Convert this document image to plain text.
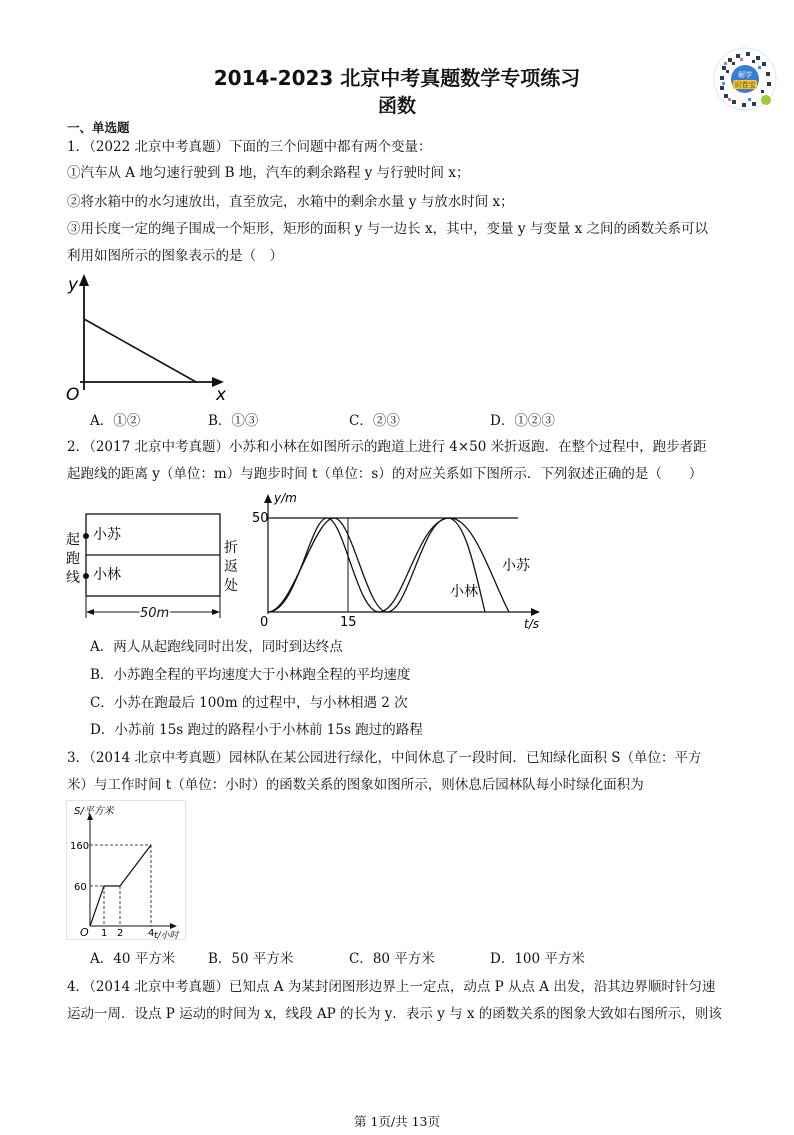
2014-2023 北京中考真题数学专项练习
函数
解学
识卷宝
一、单选题
1．（2022 北京中考真题）下面的三个问题中都有两个变量：
①汽车从 A 地匀速行驶到 B 地，汽车的剩余路程 y 与行驶时间 x；
②将水箱中的水匀速放出，直至放完，水箱中的剩余水量 y 与放水时间 x；
③用长度一定的绳子围成一个矩形，矩形的面积 y 与一边长 x，其中，变量 y 与变量 x 之间的函数关系可以
利用如图所示的图象表示的是（　）
y
x
O
A．①②	B．①③	C．②③	D．①②③
2．（2017 北京中考真题）小苏和小林在如图所示的跑道上进行 4×50 米折返跑．在整个过程中，跑步者距
起跑线的距离 y（单位：m）与跑步时间 t（单位：s）的对应关系如下图所示．下列叙述正确的是（　　）
小苏
小林
起
跑
线
折
返
处
50m
y/m
50
0	15	t/s
小苏
小林
A．两人从起跑线同时出发，同时到达终点
B．小苏跑全程的平均速度大于小林跑全程的平均速度
C．小苏在跑最后 100m 的过程中，与小林相遇 2 次
D．小苏前 15s 跑过的路程小于小林前 15s 跑过的路程
3．（2014 北京中考真题）园林队在某公园进行绿化，中间休息了一段时间．已知绿化面积 S（单位：平方
米）与工作时间 t（单位：小时）的函数关系的图象如图所示，则休息后园林队每小时绿化面积为
S/平方米
160
60
O 1 2 4 t/小时
A．40 平方米 B．50 平方米	C．80 平方米	D．100 平方米
4．（2014 北京中考真题）已知点 A 为某封闭图形边界上一定点，动点 P 从点 A 出发，沿其边界顺时针匀速
运动一周．设点 P 运动的时间为 x，线段 AP 的长为 y．表示 y 与 x 的函数关系的图象大致如右图所示，则该
第 1页/共 13页
